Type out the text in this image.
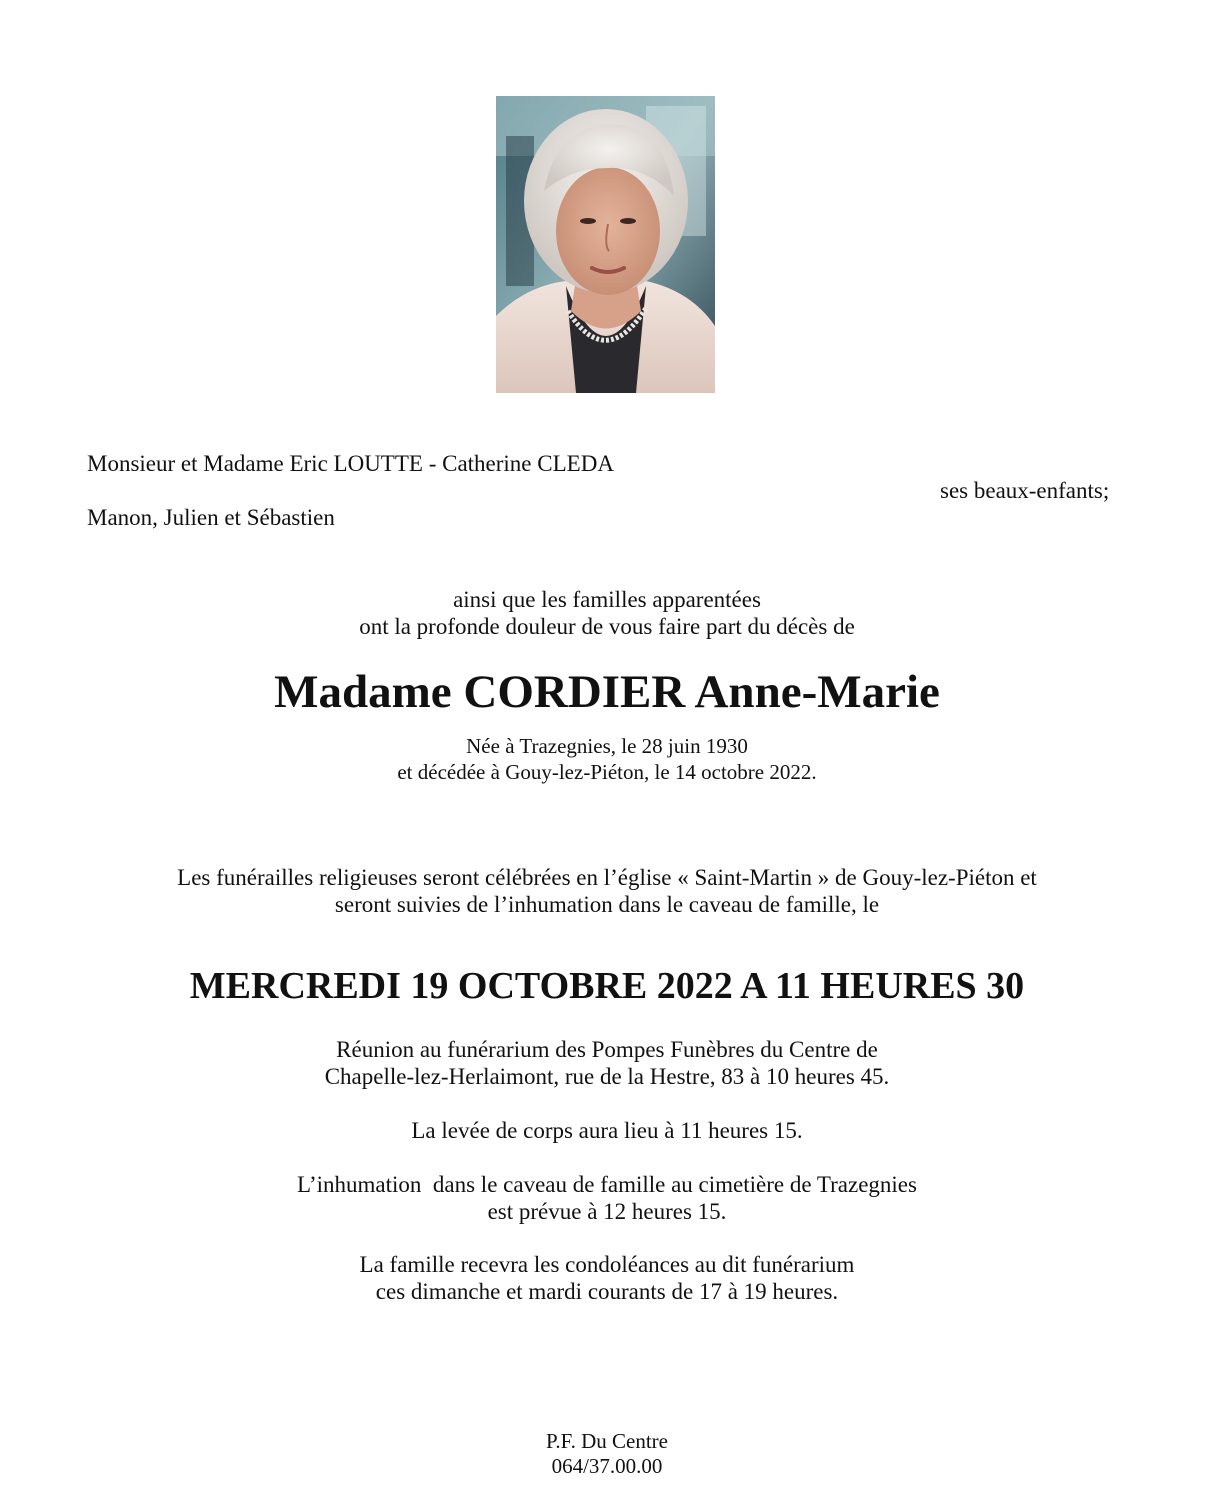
Monsieur et Madame Eric LOUTTE - Catherine CLEDA
ses beaux-enfants;
Manon, Julien et Sébastien
ainsi que les familles apparentées
ont la profonde douleur de vous faire part du décès de
Madame CORDIER Anne-Marie
Née à Trazegnies, le 28 juin 1930
et décédée à Gouy-lez-Piéton, le 14 octobre 2022.
Les funérailles religieuses seront célébrées en l’église « Saint-Martin » de Gouy-lez-Piéton et
seront suivies de l’inhumation dans le caveau de famille, le
MERCREDI 19 OCTOBRE 2022 A 11 HEURES 30
Réunion au funérarium des Pompes Funèbres du Centre de
Chapelle-lez-Herlaimont, rue de la Hestre, 83 à 10 heures 45.
La levée de corps aura lieu à 11 heures 15.
L’inhumation  dans le caveau de famille au cimetière de Trazegnies
est prévue à 12 heures 15.
La famille recevra les condoléances au dit funérarium
ces dimanche et mardi courants de 17 à 19 heures.
P.F. Du Centre
064/37.00.00
